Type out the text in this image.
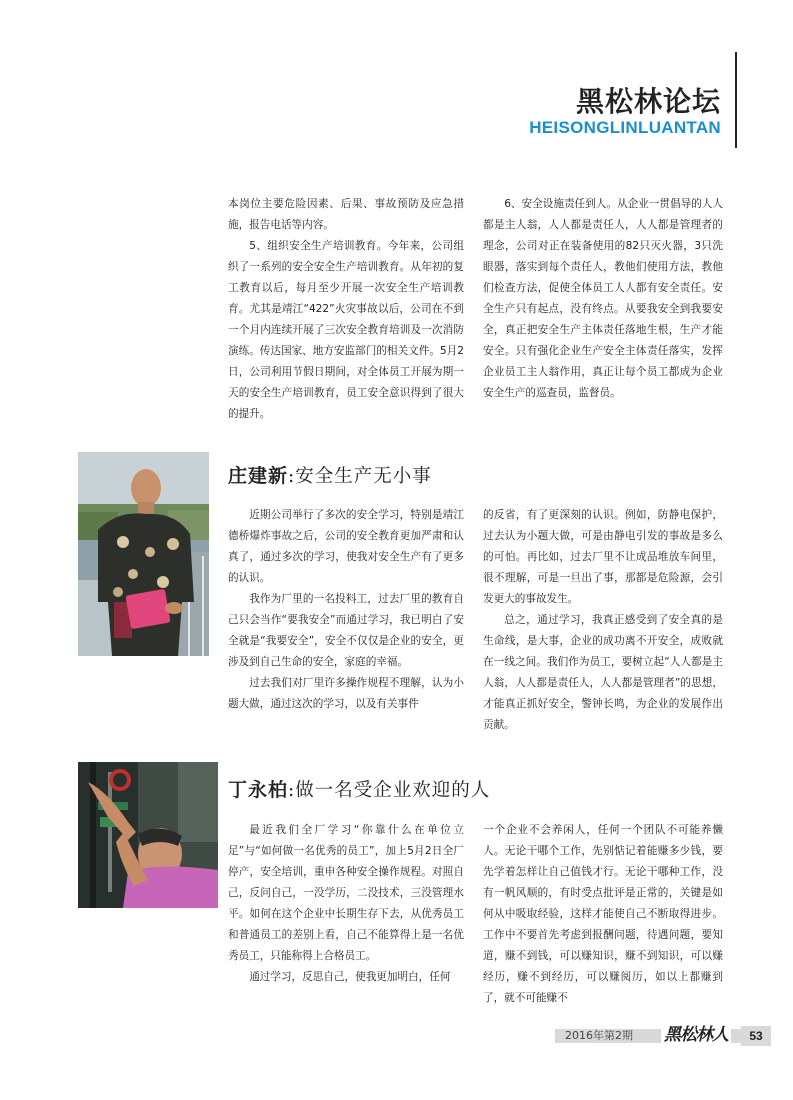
黑松林论坛
HEISONGLINLUANTAN

本岗位主要危险因素、后果、事故预防及应急措施，报告电话等内容。

5、组织安全生产培训教育。今年来，公司组织了一系列的安全安全生产培训教育。从年初的复工教育以后，每月至少开展一次安全生产培训教育。尤其是靖江“422”火灾事故以后，公司在不到一个月内连续开展了三次安全教育培训及一次消防演练。传达国家、地方安监部门的相关文件。5月2日，公司利用节假日期间，对全体员工开展为期一天的安全生产培训教育，员工安全意识得到了很大的提升。

6、安全设施责任到人。从企业一贯倡导的人人都是主人翁，人人都是责任人，人人都是管理者的理念，公司对正在装备使用的82只灭火器，3只洗眼器，落实到每个责任人，教他们使用方法，教他们检查方法，促使全体员工人人都有安全责任。安全生产只有起点，没有终点。从要我安全到我要安全，真正把安全生产主体责任落地生根，生产才能安全。只有强化企业生产安全主体责任落实，发挥企业员工主人翁作用，真正让每个员工都成为企业安全生产的巡查员，监督员。

庄建新:安全生产无小事

近期公司举行了多次的安全学习，特别是靖江德桥爆炸事故之后，公司的安全教育更加严肃和认真了，通过多次的学习，使我对安全生产有了更多的认识。

我作为厂里的一名投料工，过去厂里的教育自己只会当作“要我安全”而通过学习，我已明白了安全就是“我要安全”，安全不仅仅是企业的安全，更涉及到自己生命的安全，家庭的幸福。

过去我们对厂里许多操作规程不理解，认为小题大做，通过这次的学习，以及有关事件

的反省，有了更深刻的认识。例如，防静电保护，过去认为小题大做，可是由静电引发的事故是多么的可怕。再比如，过去厂里不让成品堆放车间里，很不理解，可是一旦出了事，那都是危险源，会引发更大的事故发生。

总之，通过学习，我真正感受到了安全真的是生命线，是大事，企业的成功离不开安全，成败就在一线之间。我们作为员工，要树立起“人人都是主人翁，人人都是责任人，人人都是管理者”的思想，才能真正抓好安全，警钟长鸣，为企业的发展作出贡献。

丁永柏:做一名受企业欢迎的人

最近我们全厂学习“你靠什么在单位立足”与“如何做一名优秀的员工”，加上5月2日全厂停产，安全培训，重申各种安全操作规程。对照自己，反问自己，一没学历，二没技术，三没管理水平。如何在这个企业中长期生存下去，从优秀员工和普通员工的差别上看，自己不能算得上是一名优秀员工，只能称得上合格员工。

通过学习，反思自己，使我更加明白，任何

一个企业不会养闲人，任何一个团队不可能养懒人。无论干哪个工作，先别惦记着能赚多少钱，要先学着怎样让自己值钱才行。无论干哪种工作，没有一帆风顺的，有时受点批评是正常的，关键是如何从中吸取经验，这样才能使自己不断取得进步。工作中不要首先考虑到报酬问题，待遇问题，要知道，赚不到钱，可以赚知识，赚不到知识，可以赚经历，赚不到经历，可以赚阅历，如以上都赚到了，就不可能赚不

2016年第2期 黑松林人	53
